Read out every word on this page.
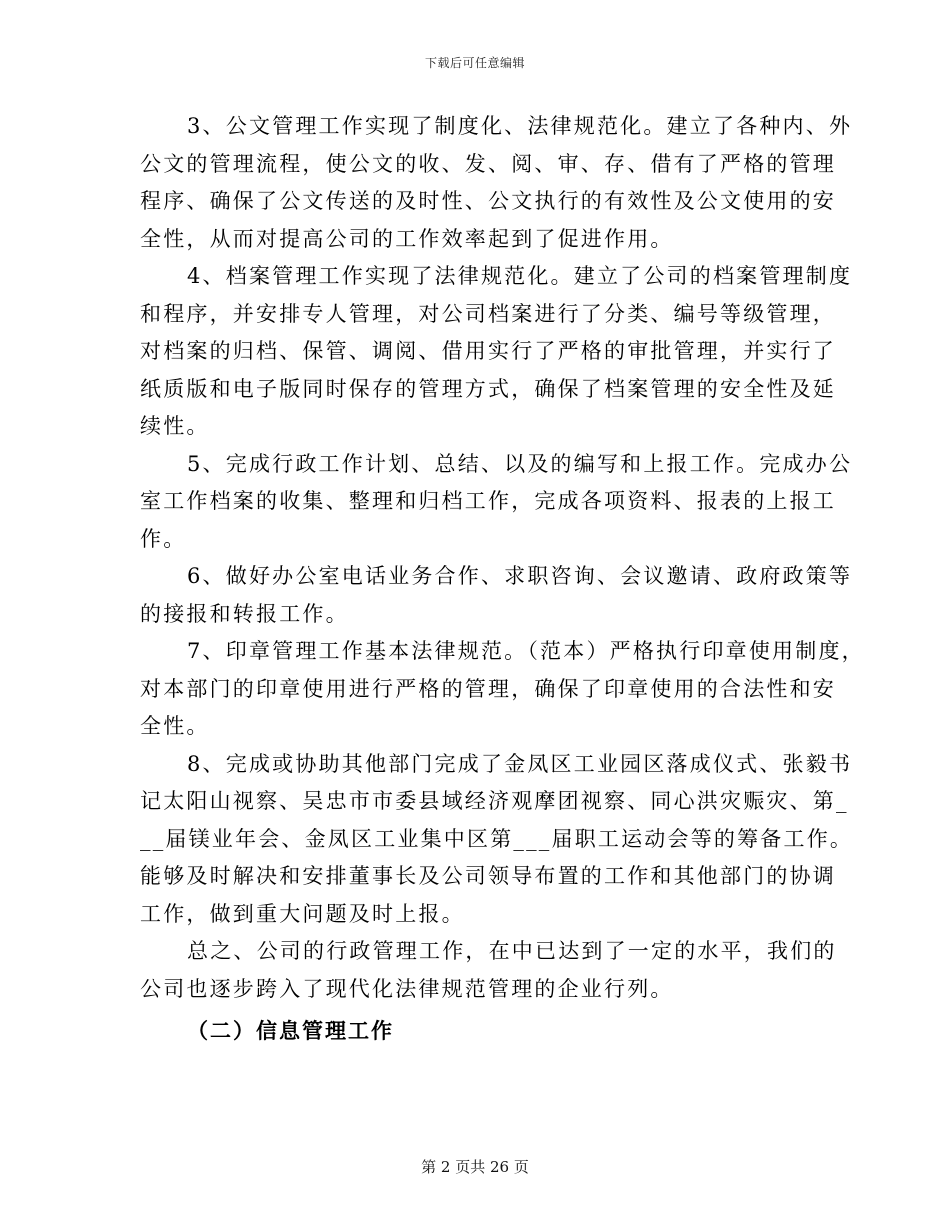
下载后可任意编辑

3、公文管理工作实现了制度化、法律规范化。建立了各种内、外
公文的管理流程，使公文的收、发、阅、审、存、借有了严格的管理
程序、确保了公文传送的及时性、公文执行的有效性及公文使用的安
全性，从而对提高公司的工作效率起到了促进作用。

4、档案管理工作实现了法律规范化。建立了公司的档案管理制度
和程序，并安排专人管理，对公司档案进行了分类、编号等级管理，
对档案的归档、保管、调阅、借用实行了严格的审批管理，并实行了
纸质版和电子版同时保存的管理方式，确保了档案管理的安全性及延
续性。

5、完成行政工作计划、总结、以及的编写和上报工作。完成办公
室工作档案的收集、整理和归档工作，完成各项资料、报表的上报工
作。

6、做好办公室电话业务合作、求职咨询、会议邀请、政府政策等
的接报和转报工作。

7、印章管理工作基本法律规范。（范本）严格执行印章使用制度，
对本部门的印章使用进行严格的管理，确保了印章使用的合法性和安
全性。

8、完成或协助其他部门完成了金凤区工业园区落成仪式、张毅书
记太阳山视察、吴忠市市委县域经济观摩团视察、同心洪灾赈灾、第_
__届镁业年会、金凤区工业集中区第___届职工运动会等的筹备工作。
能够及时解决和安排董事长及公司领导布置的工作和其他部门的协调
工作，做到重大问题及时上报。

总之、公司的行政管理工作，在中已达到了一定的水平，我们的
公司也逐步跨入了现代化法律规范管理的企业行列。

（二）信息管理工作
第 2 页共 26 页
